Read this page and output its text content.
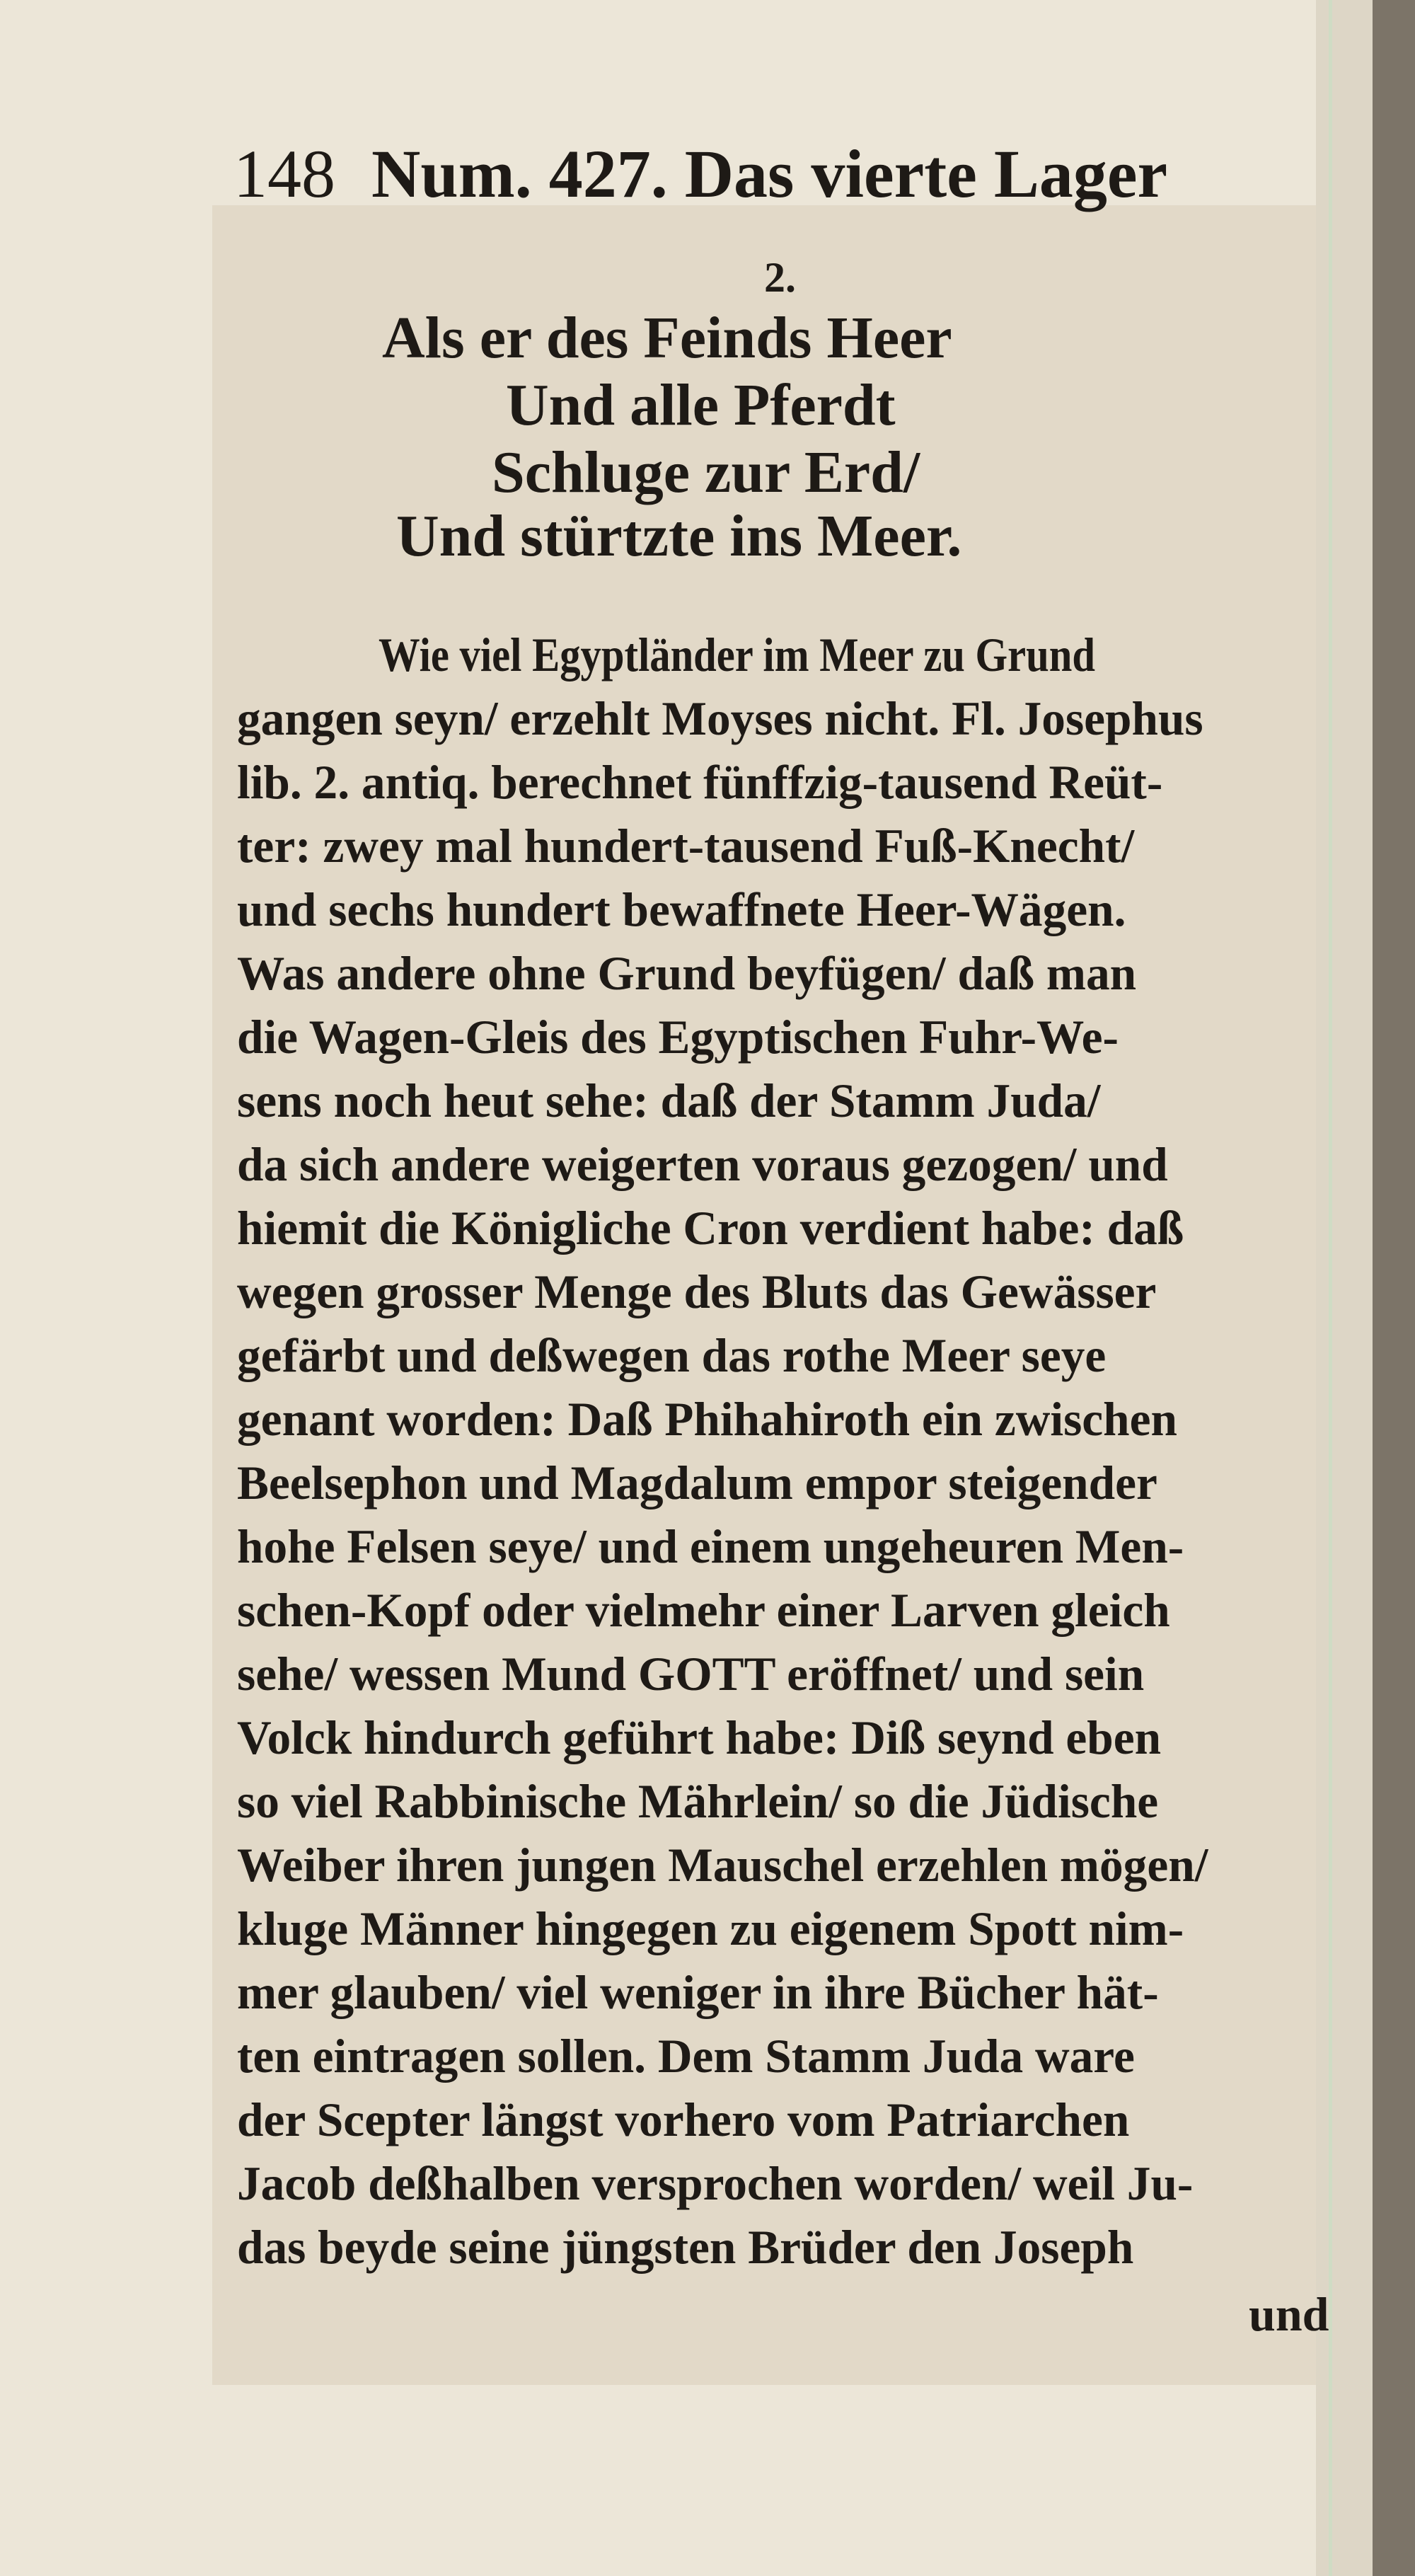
148 Num. 427. Das vierte Lager
2.
Als er des Feinds Heer
Und alle Pferdt
Schluge zur Erd/
Und stürtzte ins Meer.
Wie viel Egyptländer im Meer zu Grund
gangen seyn/ erzehlt Moyses nicht. Fl. Josephus
lib. 2. antiq. berechnet fünffzig-tausend Reüt-
ter: zwey mal hundert-tausend Fuß-Knecht/
und sechs hundert bewaffnete Heer-Wägen.
Was andere ohne Grund beyfügen/ daß man
die Wagen-Gleis des Egyptischen Fuhr-We-
sens noch heut sehe: daß der Stamm Juda/
da sich andere weigerten voraus gezogen/ und
hiemit die Königliche Cron verdient habe: daß
wegen grosser Menge des Bluts das Gewässer
gefärbt und deßwegen das rothe Meer seye
genant worden: Daß Phihahiroth ein zwischen
Beelsephon und Magdalum empor steigender
hohe Felsen seye/ und einem ungeheuren Men-
schen-Kopf oder vielmehr einer Larven gleich
sehe/ wessen Mund GOTT eröffnet/ und sein
Volck hindurch geführt habe: Diß seynd eben
so viel Rabbinische Mährlein/ so die Jüdische
Weiber ihren jungen Mauschel erzehlen mögen/
kluge Männer hingegen zu eigenem Spott nim-
mer glauben/ viel weniger in ihre Bücher hät-
ten eintragen sollen. Dem Stamm Juda ware
der Scepter längst vorhero vom Patriarchen
Jacob deßhalben versprochen worden/ weil Ju-
das beyde seine jüngsten Brüder den Joseph
und
